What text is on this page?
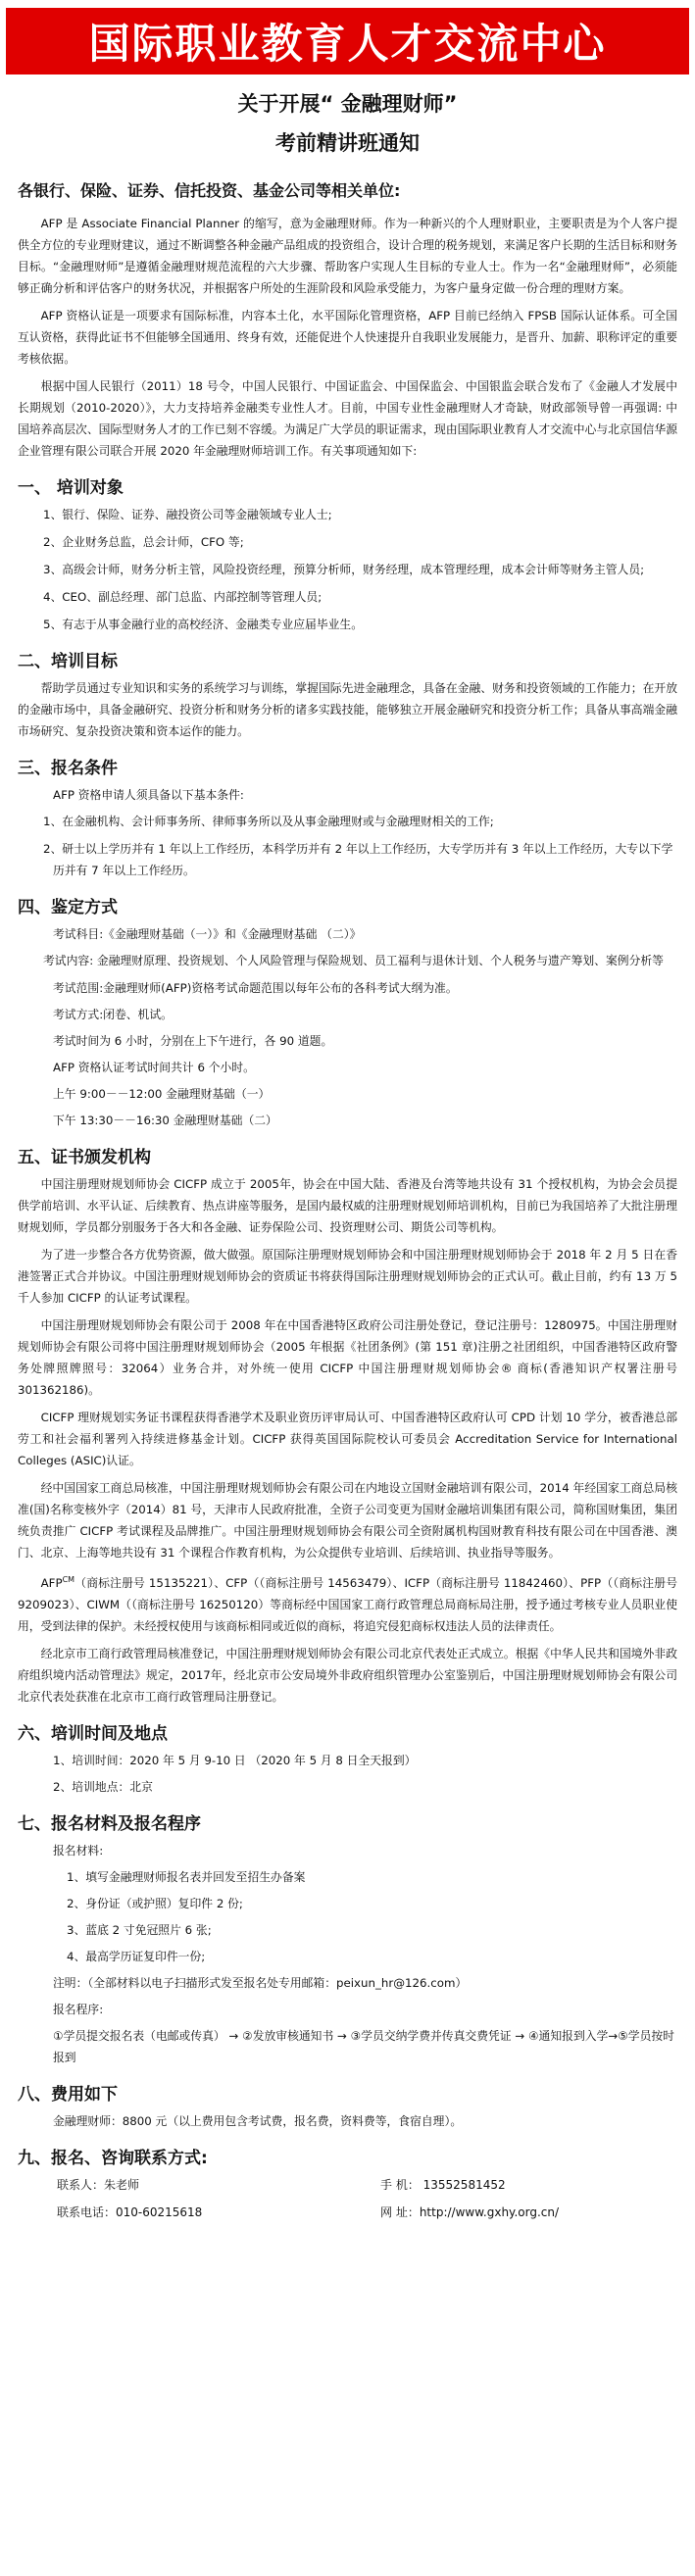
国际职业教育人才交流中心
关于开展“ 金融理财师”
考前精讲班通知
各银行、保险、证券、信托投资、基金公司等相关单位:

AFP 是 Associate Financial Planner 的缩写，意为金融理财师。作为一种新兴的个人理财职业，主要职责是为个人客户提供全方位的专业理财建议，通过不断调整各种金融产品组成的投资组合，设计合理的税务规划，来满足客户长期的生活目标和财务目标。“金融理财师”是遵循金融理财规范流程的六大步骤、帮助客户实现人生目标的专业人士。作为一名“金融理财师”，必须能够正确分析和评估客户的财务状况，并根据客户所处的生涯阶段和风险承受能力，为客户量身定做一份合理的理财方案。

AFP 资格认证是一项要求有国际标准，内容本土化，水平国际化管理资格，AFP 目前已经纳入 FPSB 国际认证体系。可全国互认资格，获得此证书不但能够全国通用、终身有效，还能促进个人快速提升自我职业发展能力，是晋升、加薪、职称评定的重要考核依据。

根据中国人民银行（2011）18 号令，中国人民银行、中国证监会、中国保监会、中国银监会联合发布了《金融人才发展中长期规划（2010-2020）》，大力支持培养金融类专业性人才。目前，中国专业性金融理财人才奇缺，财政部领导曾一再强调: 中国培养高层次、国际型财务人才的工作已刻不容缓。为满足广大学员的职证需求，现由国际职业教育人才交流中心与北京国信华源企业管理有限公司联合开展 2020 年金融理财师培训工作。有关事项通知如下:

一、 培训对象
1、银行、保险、证券、融投资公司等金融领域专业人士;
2、企业财务总监，总会计师，CFO 等;
3、高级会计师，财务分析主管，风险投资经理，预算分析师，财务经理，成本管理经理，成本会计师等财务主管人员;
4、CEO、副总经理、部门总监、内部控制等管理人员;
5、有志于从事金融行业的高校经济、金融类专业应届毕业生。
二、培训目标

帮助学员通过专业知识和实务的系统学习与训练，掌握国际先进金融理念，具备在金融、财务和投资领域的工作能力；在开放的金融市场中，具备金融研究、投资分析和财务分析的诸多实践技能，能够独立开展金融研究和投资分析工作；具备从事高端金融市场研究、复杂投资决策和资本运作的能力。

三、报名条件
AFP 资格申请人须具备以下基本条件:
1、在金融机构、会计师事务所、律师事务所以及从事金融理财或与金融理财相关的工作;
2、研士以上学历并有 1 年以上工作经历，本科学历并有 2 年以上工作经历，大专学历并有 3 年以上工作经历，大专以下学历并有 7 年以上工作经历。
四、鉴定方式
考试科目:《金融理财基础（一）》和《金融理财基础 （二）》
考试内容: 金融理财原理、投资规划、个人风险管理与保险规划、员工福利与退休计划、个人税务与遗产筹划、案例分析等
考试范围:金融理财师(AFP)资格考试命题范围以每年公布的各科考试大纲为准。
考试方式:闭卷、机试。
考试时间为 6 小时，分别在上下午进行，各 90 道题。
AFP 资格认证考试时间共计 6 个小时。
上午 9:00－－12:00 金融理财基础（一）
下午 13:30－－16:30 金融理财基础（二）
五、证书颁发机构

中国注册理财规划师协会 CICFP 成立于 2005年，协会在中国大陆、香港及台湾等地共设有 31 个授权机构，为协会会员提供学前培训、水平认证、后续教育、热点讲座等服务，是国内最权威的注册理财规划师培训机构，目前已为我国培养了大批注册理财规划师，学员都分别服务于各大和各金融、证券保险公司、投资理财公司、期货公司等机构。

为了进一步整合各方优势资源，做大做强。原国际注册理财规划师协会和中国注册理财规划师协会于 2018 年 2 月 5 日在香港签署正式合并协议。中国注册理财规划师协会的资质证书将获得国际注册理财规划师协会的正式认可。截止目前，约有 13 万 5 千人参加 CICFP 的认证考试课程。

中国注册理财规划师协会有限公司于 2008 年在中国香港特区政府公司注册处登记，登记注册号：1280975。中国注册理财规划师协会有限公司将中国注册理财规划师协会（2005 年根据《社团条例》(第 151 章)注册之社团组织，中国香港特区政府警务处牌照牌照号：32064）业务合并，对外统一使用 CICFP 中国注册理财规划师协会® 商标(香港知识产权署注册号 301362186)。

CICFP 理财规划实务证书课程获得香港学术及职业资历评审局认可、中国香港特区政府认可 CPD 计划 10 学分，被香港总部劳工和社会福利署列入持续进修基金计划。CICFP 获得英国国际院校认可委员会 Accreditation Service for International Colleges (ASIC)认证。

经中国国家工商总局核准，中国注册理财规划师协会有限公司在内地设立国财金融培训有限公司，2014 年经国家工商总局核准(国)名称变核外字（2014）81 号，天津市人民政府批准，全资子公司变更为国财金融培训集团有限公司，简称国财集团，集团统负责推广 CICFP 考试课程及品牌推广。中国注册理财规划师协会有限公司全资附属机构国财教育科技有限公司在中国香港、澳门、北京、上海等地共设有 31 个课程合作教育机构，为公众提供专业培训、后续培训、执业指导等服务。

$AFP^{CM}$（商标注册号 15135221）、CFP（（商标注册号 14563479）、ICFP（商标注册号 11842460）、PFP（（商标注册号 9209023）、CIWM（（商标注册号 16250120）等商标经中国国家工商行政管理总局商标局注册，授予通过考核专业人员职业使用，受到法律的保护。未经授权使用与该商标相同或近似的商标，将追究侵犯商标权违法人员的法律责任。

经北京市工商行政管理局核准登记，中国注册理财规划师协会有限公司北京代表处正式成立。根据《中华人民共和国境外非政府组织境内活动管理法》规定，2017年，经北京市公安局境外非政府组织管理办公室鉴别后，中国注册理财规划师协会有限公司北京代表处获准在北京市工商行政管理局注册登记。

六、培训时间及地点
1、培训时间：2020 年 5 月 9-10 日 （2020 年 5 月 8 日全天报到）
2、培训地点：北京
七、报名材料及报名程序
报名材料:
1、填写金融理财师报名表并回发至招生办备案
2、身份证（或护照）复印件 2 份;
3、蓝底 2 寸免冠照片 6 张;
4、最高学历证复印件一份;
注明：（全部材料以电子扫描形式发至报名处专用邮箱：peixun_hr@126.com）
报名程序:
①学员提交报名表（电邮或传真） → ②发放审核通知书 → ③学员交纳学费并传真交费凭证 → ④通知报到入学→⑤学员按时报到
八、费用如下
金融理财师：8800 元（以上费用包含考试费，报名费，资料费等，食宿自理）。
九、报名、咨询联系方式:
联系人：朱老师	手 机： 13552581452
联系电话：010-60215618	网 址：http://www.gxhy.org.cn/
